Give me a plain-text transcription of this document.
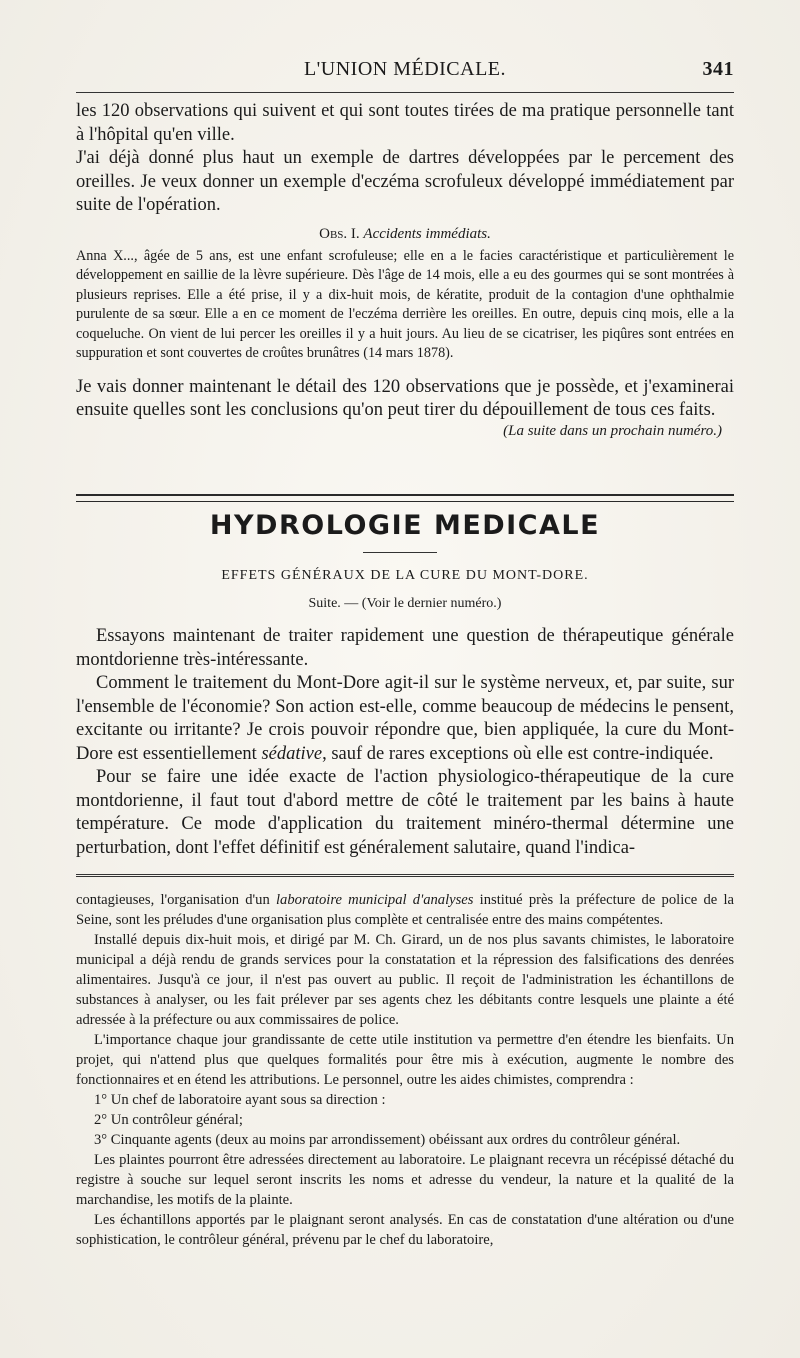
L'UNION MÉDICALE.	341

les 120 observations qui suivent et qui sont toutes tirées de ma pratique personnelle tant à l'hôpital qu'en ville.

J'ai déjà donné plus haut un exemple de dartres développées par le percement des oreilles. Je veux donner un exemple d'eczéma scrofuleux développé immédiatement par suite de l'opération.

Obs. I. Accidents immédiats.

Anna X..., âgée de 5 ans, est une enfant scrofuleuse; elle en a le facies caractéristique et particulièrement le développement en saillie de la lèvre supérieure. Dès l'âge de 14 mois, elle a eu des gourmes qui se sont montrées à plusieurs reprises. Elle a été prise, il y a dix-huit mois, de kératite, produit de la contagion d'une ophthalmie purulente de sa sœur. Elle a en ce moment de l'eczéma derrière les oreilles. En outre, depuis cinq mois, elle a la coqueluche. On vient de lui percer les oreilles il y a huit jours. Au lieu de se cicatriser, les piqûres sont entrées en suppuration et sont couvertes de croûtes brunâtres (14 mars 1878).

Je vais donner maintenant le détail des 120 observations que je possède, et j'examinerai ensuite quelles sont les conclusions qu'on peut tirer du dépouillement de tous ces faits.

(La suite dans un prochain numéro.)
HYDROLOGIE MEDICALE
EFFETS GÉNÉRAUX DE LA CURE DU MONT-DORE.
Suite. — (Voir le dernier numéro.)

Essayons maintenant de traiter rapidement une question de thérapeutique générale montdorienne très-intéressante.

Comment le traitement du Mont-Dore agit-il sur le système nerveux, et, par suite, sur l'ensemble de l'économie? Son action est-elle, comme beaucoup de médecins le pensent, excitante ou irritante? Je crois pouvoir répondre que, bien appliquée, la cure du Mont-Dore est essentiellement sédative, sauf de rares exceptions où elle est contre-indiquée.

Pour se faire une idée exacte de l'action physiologico-thérapeutique de la cure montdorienne, il faut tout d'abord mettre de côté le traitement par les bains à haute température. Ce mode d'application du traitement minéro-thermal détermine une perturbation, dont l'effet définitif est généralement salutaire, quand l'indica-

contagieuses, l'organisation d'un laboratoire municipal d'analyses institué près la préfecture de police de la Seine, sont les préludes d'une organisation plus complète et centralisée entre des mains compétentes.

Installé depuis dix-huit mois, et dirigé par M. Ch. Girard, un de nos plus savants chimistes, le laboratoire municipal a déjà rendu de grands services pour la constatation et la répression des falsifications des denrées alimentaires. Jusqu'à ce jour, il n'est pas ouvert au public. Il reçoit de l'administration les échantillons de substances à analyser, ou les fait prélever par ses agents chez les débitants contre lesquels une plainte a été adressée à la préfecture ou aux commissaires de police.

L'importance chaque jour grandissante de cette utile institution va permettre d'en étendre les bienfaits. Un projet, qui n'attend plus que quelques formalités pour être mis à exécution, augmente le nombre des fonctionnaires et en étend les attributions. Le personnel, outre les aides chimistes, comprendra :

1° Un chef de laboratoire ayant sous sa direction :
2° Un contrôleur général;
3° Cinquante agents (deux au moins par arrondissement) obéissant aux ordres du contrôleur général.

Les plaintes pourront être adressées directement au laboratoire. Le plaignant recevra un récépissé détaché du registre à souche sur lequel seront inscrits les noms et adresse du vendeur, la nature et la qualité de la marchandise, les motifs de la plainte.

Les échantillons apportés par le plaignant seront analysés. En cas de constatation d'une altération ou d'une sophistication, le contrôleur général, prévenu par le chef du laboratoire,
